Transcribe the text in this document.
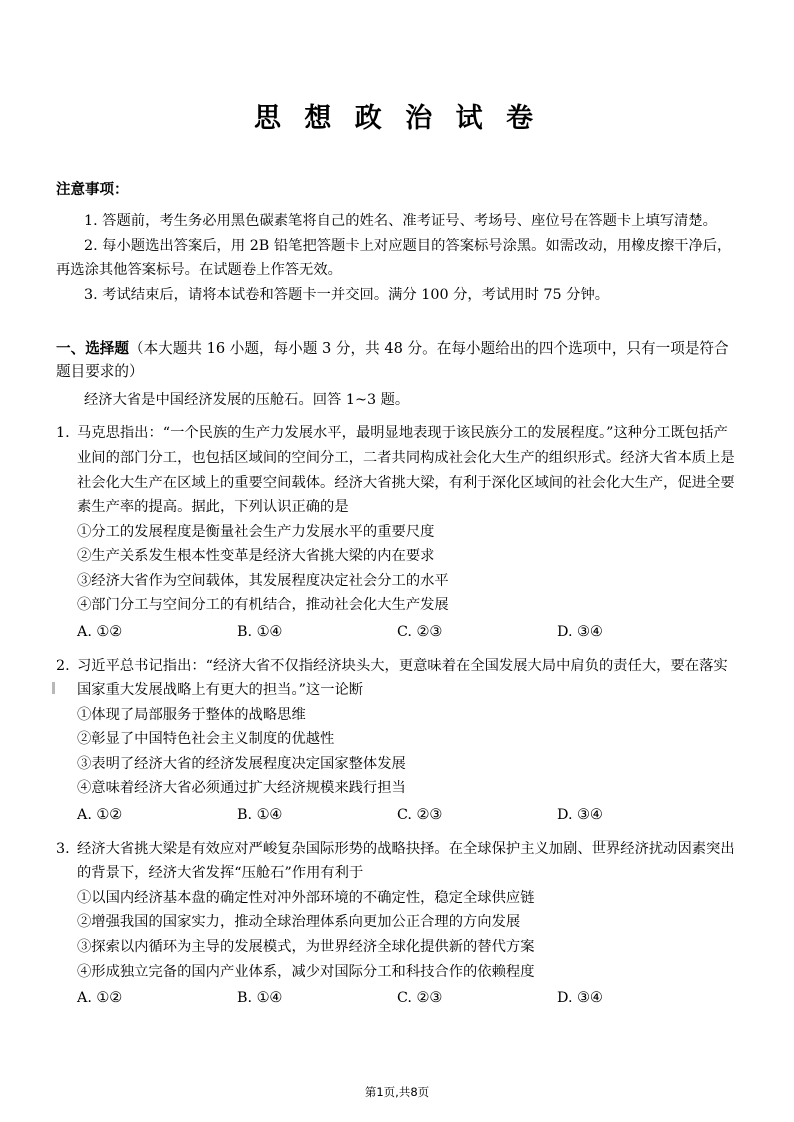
思 想 政 治 试 卷
注意事项：
1. 答题前，考生务必用黑色碳素笔将自己的姓名、准考证号、考场号、座位号在答题卡上填写清楚。
2. 每小题选出答案后，用 2B 铅笔把答题卡上对应题目的答案标号涂黑。如需改动，用橡皮擦干净后，再选涂其他答案标号。在试题卷上作答无效。
3. 考试结束后，请将本试卷和答题卡一并交回。满分 100 分，考试用时 75 分钟。
一、选择题（本大题共 16 小题，每小题 3 分，共 48 分。在每小题给出的四个选项中，只有一项是符合题目要求的）
经济大省是中国经济发展的压舱石。回答 1~3 题。
1. 马克思指出：“一个民族的生产力发展水平，最明显地表现于该民族分工的发展程度。”这种分工既包括产业间的部门分工，也包括区域间的空间分工，二者共同构成社会化大生产的组织形式。经济大省本质上是社会化大生产在区域上的重要空间载体。经济大省挑大梁，有利于深化区域间的社会化大生产，促进全要素生产率的提高。据此，下列认识正确的是
①分工的发展程度是衡量社会生产力发展水平的重要尺度
②生产关系发生根本性变革是经济大省挑大梁的内在要求
③经济大省作为空间载体，其发展程度决定社会分工的水平
④部门分工与空间分工的有机结合，推动社会化大生产发展
A. ①②	B. ①④	C. ②③	D. ③④
2. 习近平总书记指出：“经济大省不仅指经济块头大，更意味着在全国发展大局中肩负的责任大，要在落实国家重大发展战略上有更大的担当。”这一论断
①体现了局部服务于整体的战略思维
②彰显了中国特色社会主义制度的优越性
③表明了经济大省的经济发展程度决定国家整体发展
④意味着经济大省必须通过扩大经济规模来践行担当
A. ①②	B. ①④	C. ②③	D. ③④
3. 经济大省挑大梁是有效应对严峻复杂国际形势的战略抉择。在全球保护主义加剧、世界经济扰动因素突出的背景下，经济大省发挥“压舱石”作用有利于
①以国内经济基本盘的确定性对冲外部环境的不确定性，稳定全球供应链
②增强我国的国家实力，推动全球治理体系向更加公正合理的方向发展
③探索以内循环为主导的发展模式，为世界经济全球化提供新的替代方案
④形成独立完备的国内产业体系，减少对国际分工和科技合作的依赖程度
A. ①②	B. ①④	C. ②③	D. ③④
第1页,共8页
